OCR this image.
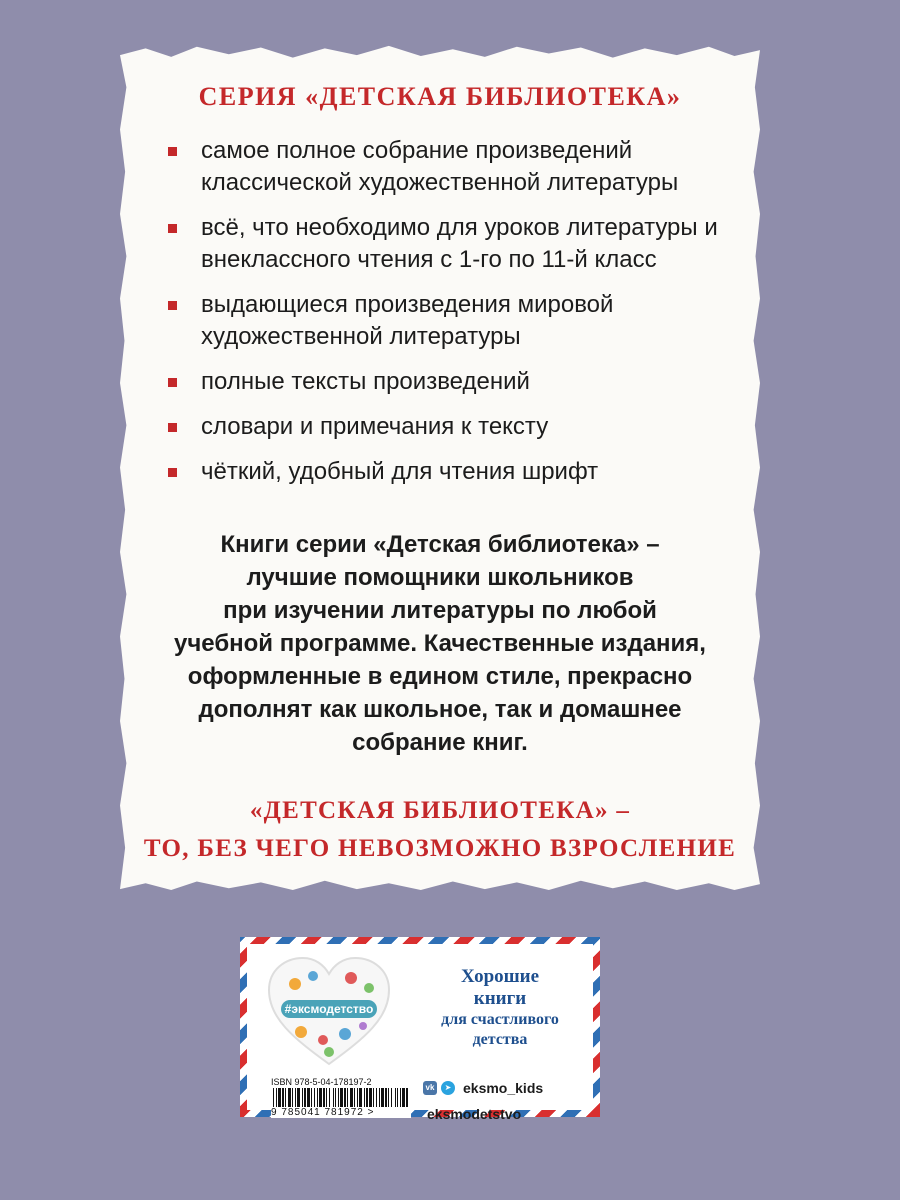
СЕРИЯ «ДЕТСКАЯ БИБЛИОТЕКА»
самое полное собрание произведений классической художественной литературы
всё, что необходимо для уроков литературы и внеклассного чтения с 1-го по 11-й класс
выдающиеся произведения мировой художественной литературы
полные тексты произведений
словари и примечания к тексту
чёткий, удобный для чтения шрифт
Книги серии «Детская библиотека» –
лучшие помощники школьников
при изучении литературы по любой
учебной программе. Качественные издания,
оформленные в едином стиле, прекрасно
дополнят как школьное, так и домашнее
собрание книг.
«ДЕТСКАЯ БИБЛИОТЕКА» –
ТО, БЕЗ ЧЕГО НЕВОЗМОЖНО ВЗРОСЛЕНИЕ
#эксмодетство
Хорошие
книги
для счастливого
детства
ISBN 978-5-04-178197-2
9 785041 781972 >
vk	➤ eksmo_kids
eksmodetstvo
